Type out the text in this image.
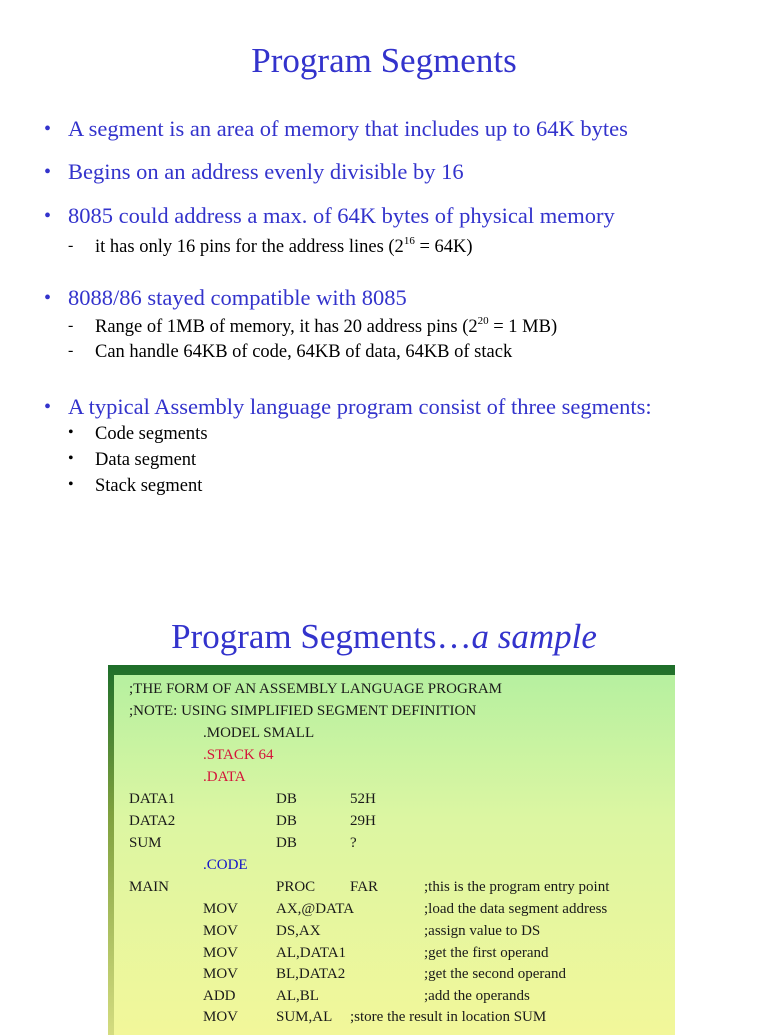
Program Segments
• A segment is an area of memory that includes up to 64K bytes
• Begins on an address evenly divisible by 16
• 8085 could address a max. of 64K bytes of physical memory
- it has only 16 pins for the address lines $(2^{16} = 64K)$
• 8088/86 stayed compatible with 8085
- Range of 1MB of memory, it has 20 address pins ($2^{20} = 1$ MB)
- Can handle 64KB of code, 64KB of data, 64KB of stack
• A typical Assembly language program consist of three segments:
• Code segments
• Data segment
• Stack segment
Program Segments…a sample
;THE FORM OF AN ASSEMBLY LANGUAGE PROGRAM
;NOTE: USING SIMPLIFIED SEGMENT DEFINITION
.MODEL SMALL
.STACK 64
.DATA
DATA1	DB	52H
DATA2	DB	29H
SUM	DB	?
.CODE
MAIN	PROC FAR	;this is the program entry point
MOV	AX,@DATA	;load the data segment address
MOV	DS,AX	;assign value to DS
MOV	AL,DATA1	;get the first operand
MOV	BL,DATA2	;get the second operand
ADD	AL,BL	;add the operands
MOV	SUM,AL ;store the result in location SUM
